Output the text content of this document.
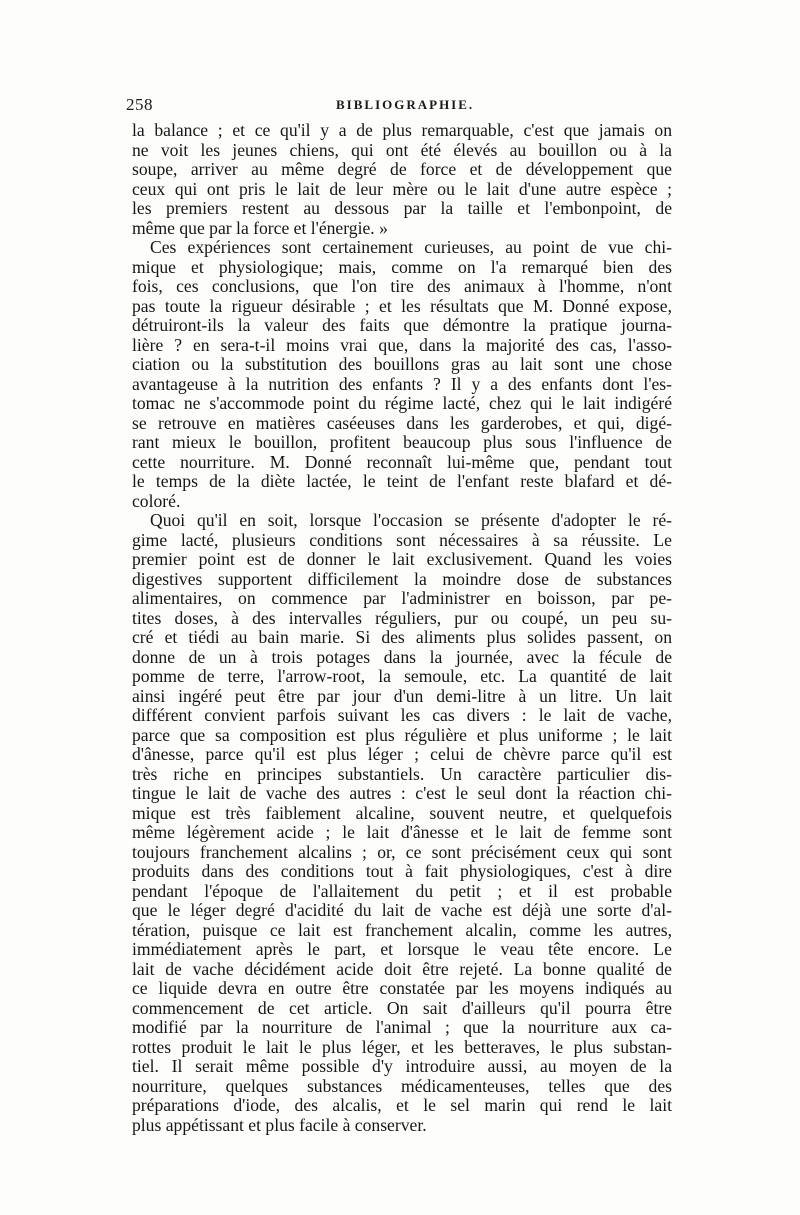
258	BIBLIOGRAPHIE.
la balance ; et ce qu'il y a de plus remarquable, c'est que jamais on
ne voit les jeunes chiens, qui ont été élevés au bouillon ou à la
soupe, arriver au même degré de force et de développement que
ceux qui ont pris le lait de leur mère ou le lait d'une autre espèce ;
les premiers restent au dessous par la taille et l'embonpoint, de
même que par la force et l'énergie. »
Ces expériences sont certainement curieuses, au point de vue chi-
mique et physiologique; mais, comme on l'a remarqué bien des
fois, ces conclusions, que l'on tire des animaux à l'homme, n'ont
pas toute la rigueur désirable ; et les résultats que M. Donné expose,
détruiront-ils la valeur des faits que démontre la pratique journa-
lière ? en sera-t-il moins vrai que, dans la majorité des cas, l'asso-
ciation ou la substitution des bouillons gras au lait sont une chose
avantageuse à la nutrition des enfants ? Il y a des enfants dont l'es-
tomac ne s'accommode point du régime lacté, chez qui le lait indigéré
se retrouve en matières caséeuses dans les garderobes, et qui, digé-
rant mieux le bouillon, profitent beaucoup plus sous l'influence de
cette nourriture. M. Donné reconnaît lui-même que, pendant tout
le temps de la diète lactée, le teint de l'enfant reste blafard et dé-
coloré.
Quoi qu'il en soit, lorsque l'occasion se présente d'adopter le ré-
gime lacté, plusieurs conditions sont nécessaires à sa réussite. Le
premier point est de donner le lait exclusivement. Quand les voies
digestives supportent difficilement la moindre dose de substances
alimentaires, on commence par l'administrer en boisson, par pe-
tites doses, à des intervalles réguliers, pur ou coupé, un peu su-
cré et tiédi au bain marie. Si des aliments plus solides passent, on
donne de un à trois potages dans la journée, avec la fécule de
pomme de terre, l'arrow-root, la semoule, etc. La quantité de lait
ainsi ingéré peut être par jour d'un demi-litre à un litre. Un lait
différent convient parfois suivant les cas divers : le lait de vache,
parce que sa composition est plus régulière et plus uniforme ; le lait
d'ânesse, parce qu'il est plus léger ; celui de chèvre parce qu'il est
très riche en principes substantiels. Un caractère particulier dis-
tingue le lait de vache des autres : c'est le seul dont la réaction chi-
mique est très faiblement alcaline, souvent neutre, et quelquefois
même légèrement acide ; le lait d'ânesse et le lait de femme sont
toujours franchement alcalins ; or, ce sont précisément ceux qui sont
produits dans des conditions tout à fait physiologiques, c'est à dire
pendant l'époque de l'allaitement du petit ; et il est probable
que le léger degré d'acidité du lait de vache est déjà une sorte d'al-
tération, puisque ce lait est franchement alcalin, comme les autres,
immédiatement après le part, et lorsque le veau tête encore. Le
lait de vache décidément acide doit être rejeté. La bonne qualité de
ce liquide devra en outre être constatée par les moyens indiqués au
commencement de cet article. On sait d'ailleurs qu'il pourra être
modifié par la nourriture de l'animal ; que la nourriture aux ca-
rottes produit le lait le plus léger, et les betteraves, le plus substan-
tiel. Il serait même possible d'y introduire aussi, au moyen de la
nourriture, quelques substances médicamenteuses, telles que des
préparations d'iode, des alcalis, et le sel marin qui rend le lait
plus appétissant et plus facile à conserver.
